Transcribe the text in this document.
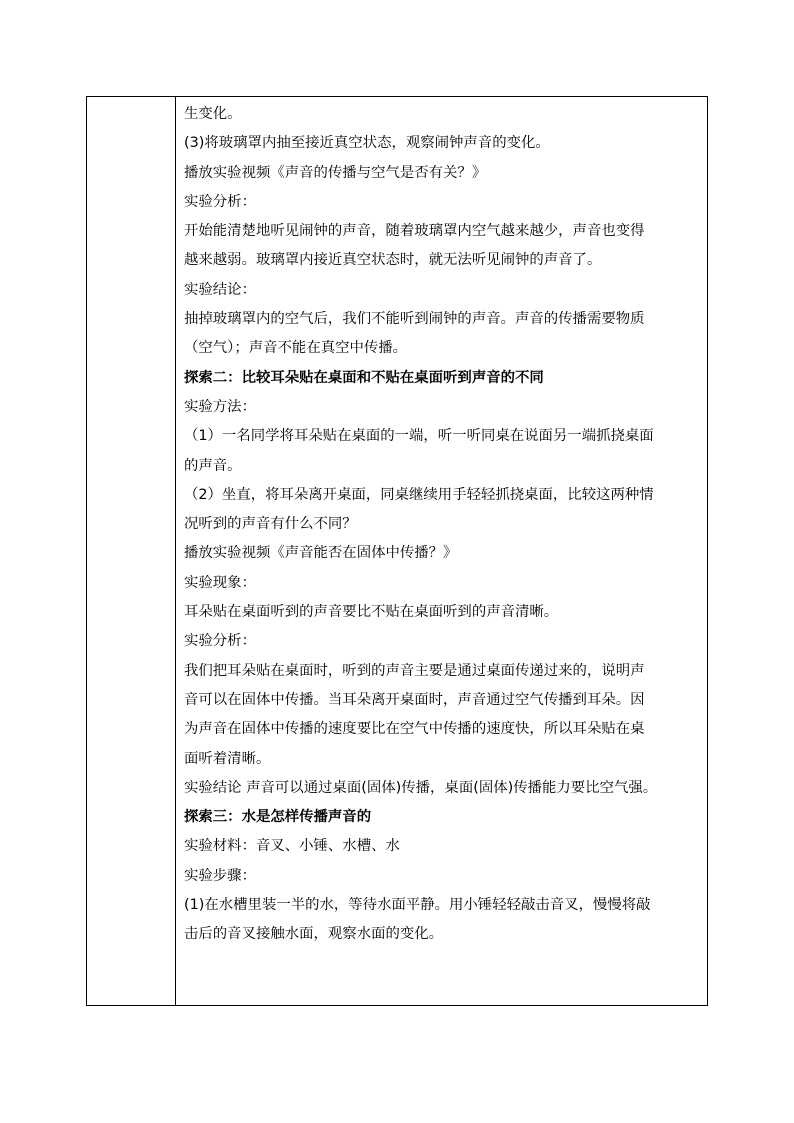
生变化。
(3)将玻璃罩内抽至接近真空状态，观察闹钟声音的变化。
播放实验视频《声音的传播与空气是否有关？》
实验分析：
开始能清楚地听见闹钟的声音，随着玻璃罩内空气越来越少，声音也变得
越来越弱。玻璃罩内接近真空状态时，就无法听见闹钟的声音了。
实验结论：
抽掉玻璃罩内的空气后，我们不能听到闹钟的声音。声音的传播需要物质
（空气）；声音不能在真空中传播。
探索二：比较耳朵贴在桌面和不贴在桌面听到声音的不同
实验方法：
（1）一名同学将耳朵贴在桌面的一端，听一听同桌在说面另一端抓挠桌面
的声音。
（2）坐直，将耳朵离开桌面，同桌继续用手轻轻抓挠桌面，比较这两种情
况听到的声音有什么不同？
播放实验视频《声音能否在固体中传播？》
实验现象：
耳朵贴在桌面听到的声音要比不贴在桌面听到的声音清晰。
实验分析：
我们把耳朵贴在桌面时，听到的声音主要是通过桌面传递过来的，说明声
音可以在固体中传播。当耳朵离开桌面时，声音通过空气传播到耳朵。因
为声音在固体中传播的速度要比在空气中传播的速度快，所以耳朵贴在桌
面听着清晰。
实验结论 声音可以通过桌面(固体)传播，桌面(固体)传播能力要比空气强。
探索三：水是怎样传播声音的
实验材料：音叉、小锤、水槽、水
实验步骤：
(1)在水槽里装一半的水，等待水面平静。用小锤轻轻敲击音叉，慢慢将敲
击后的音叉接触水面，观察水面的变化。
